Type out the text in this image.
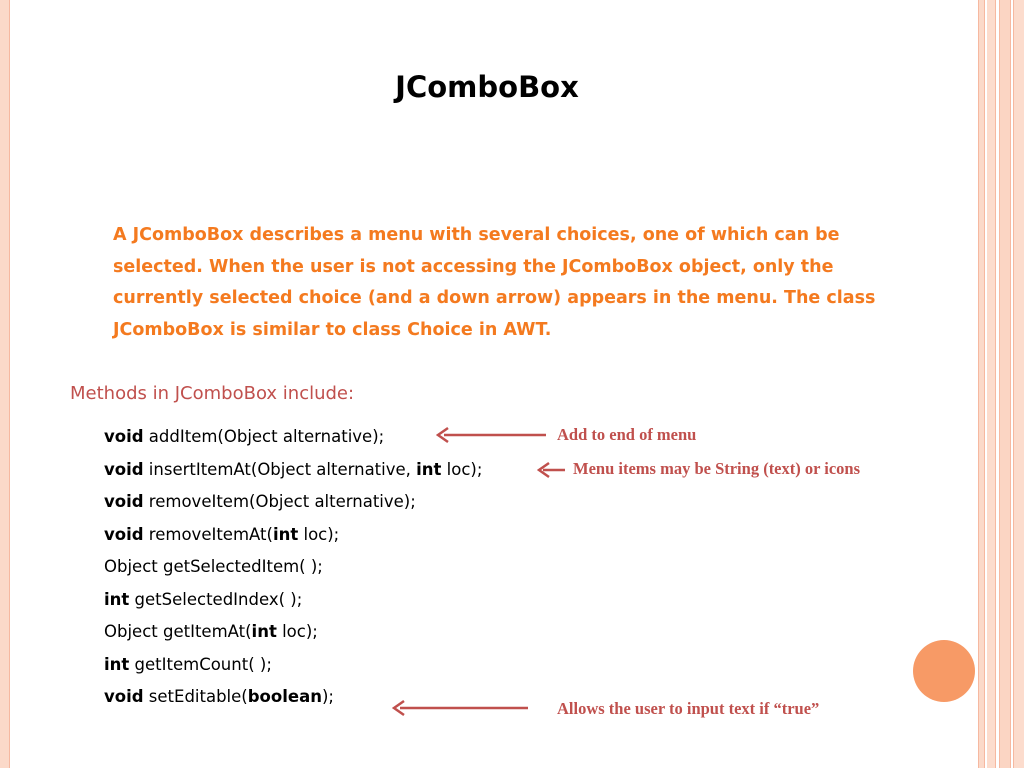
JComboBox
A JComboBox describes a menu with several choices, one of which can be
selected. When the user is not accessing the JComboBox object, only the
currently selected choice (and a down arrow) appears in the menu. The class
JComboBox is similar to class Choice in AWT.
Methods in JComboBox include:
void addItem(Object alternative);
void insertItemAt(Object alternative, int loc);
void removeItem(Object alternative);
void removeItemAt(int loc);
Object getSelectedItem( );
int getSelectedIndex( );
Object getItemAt(int loc);
int getItemCount( );
void setEditable(boolean);
Add to end of menu
Menu items may be String (text) or icons
Allows the user to input text if “true”
